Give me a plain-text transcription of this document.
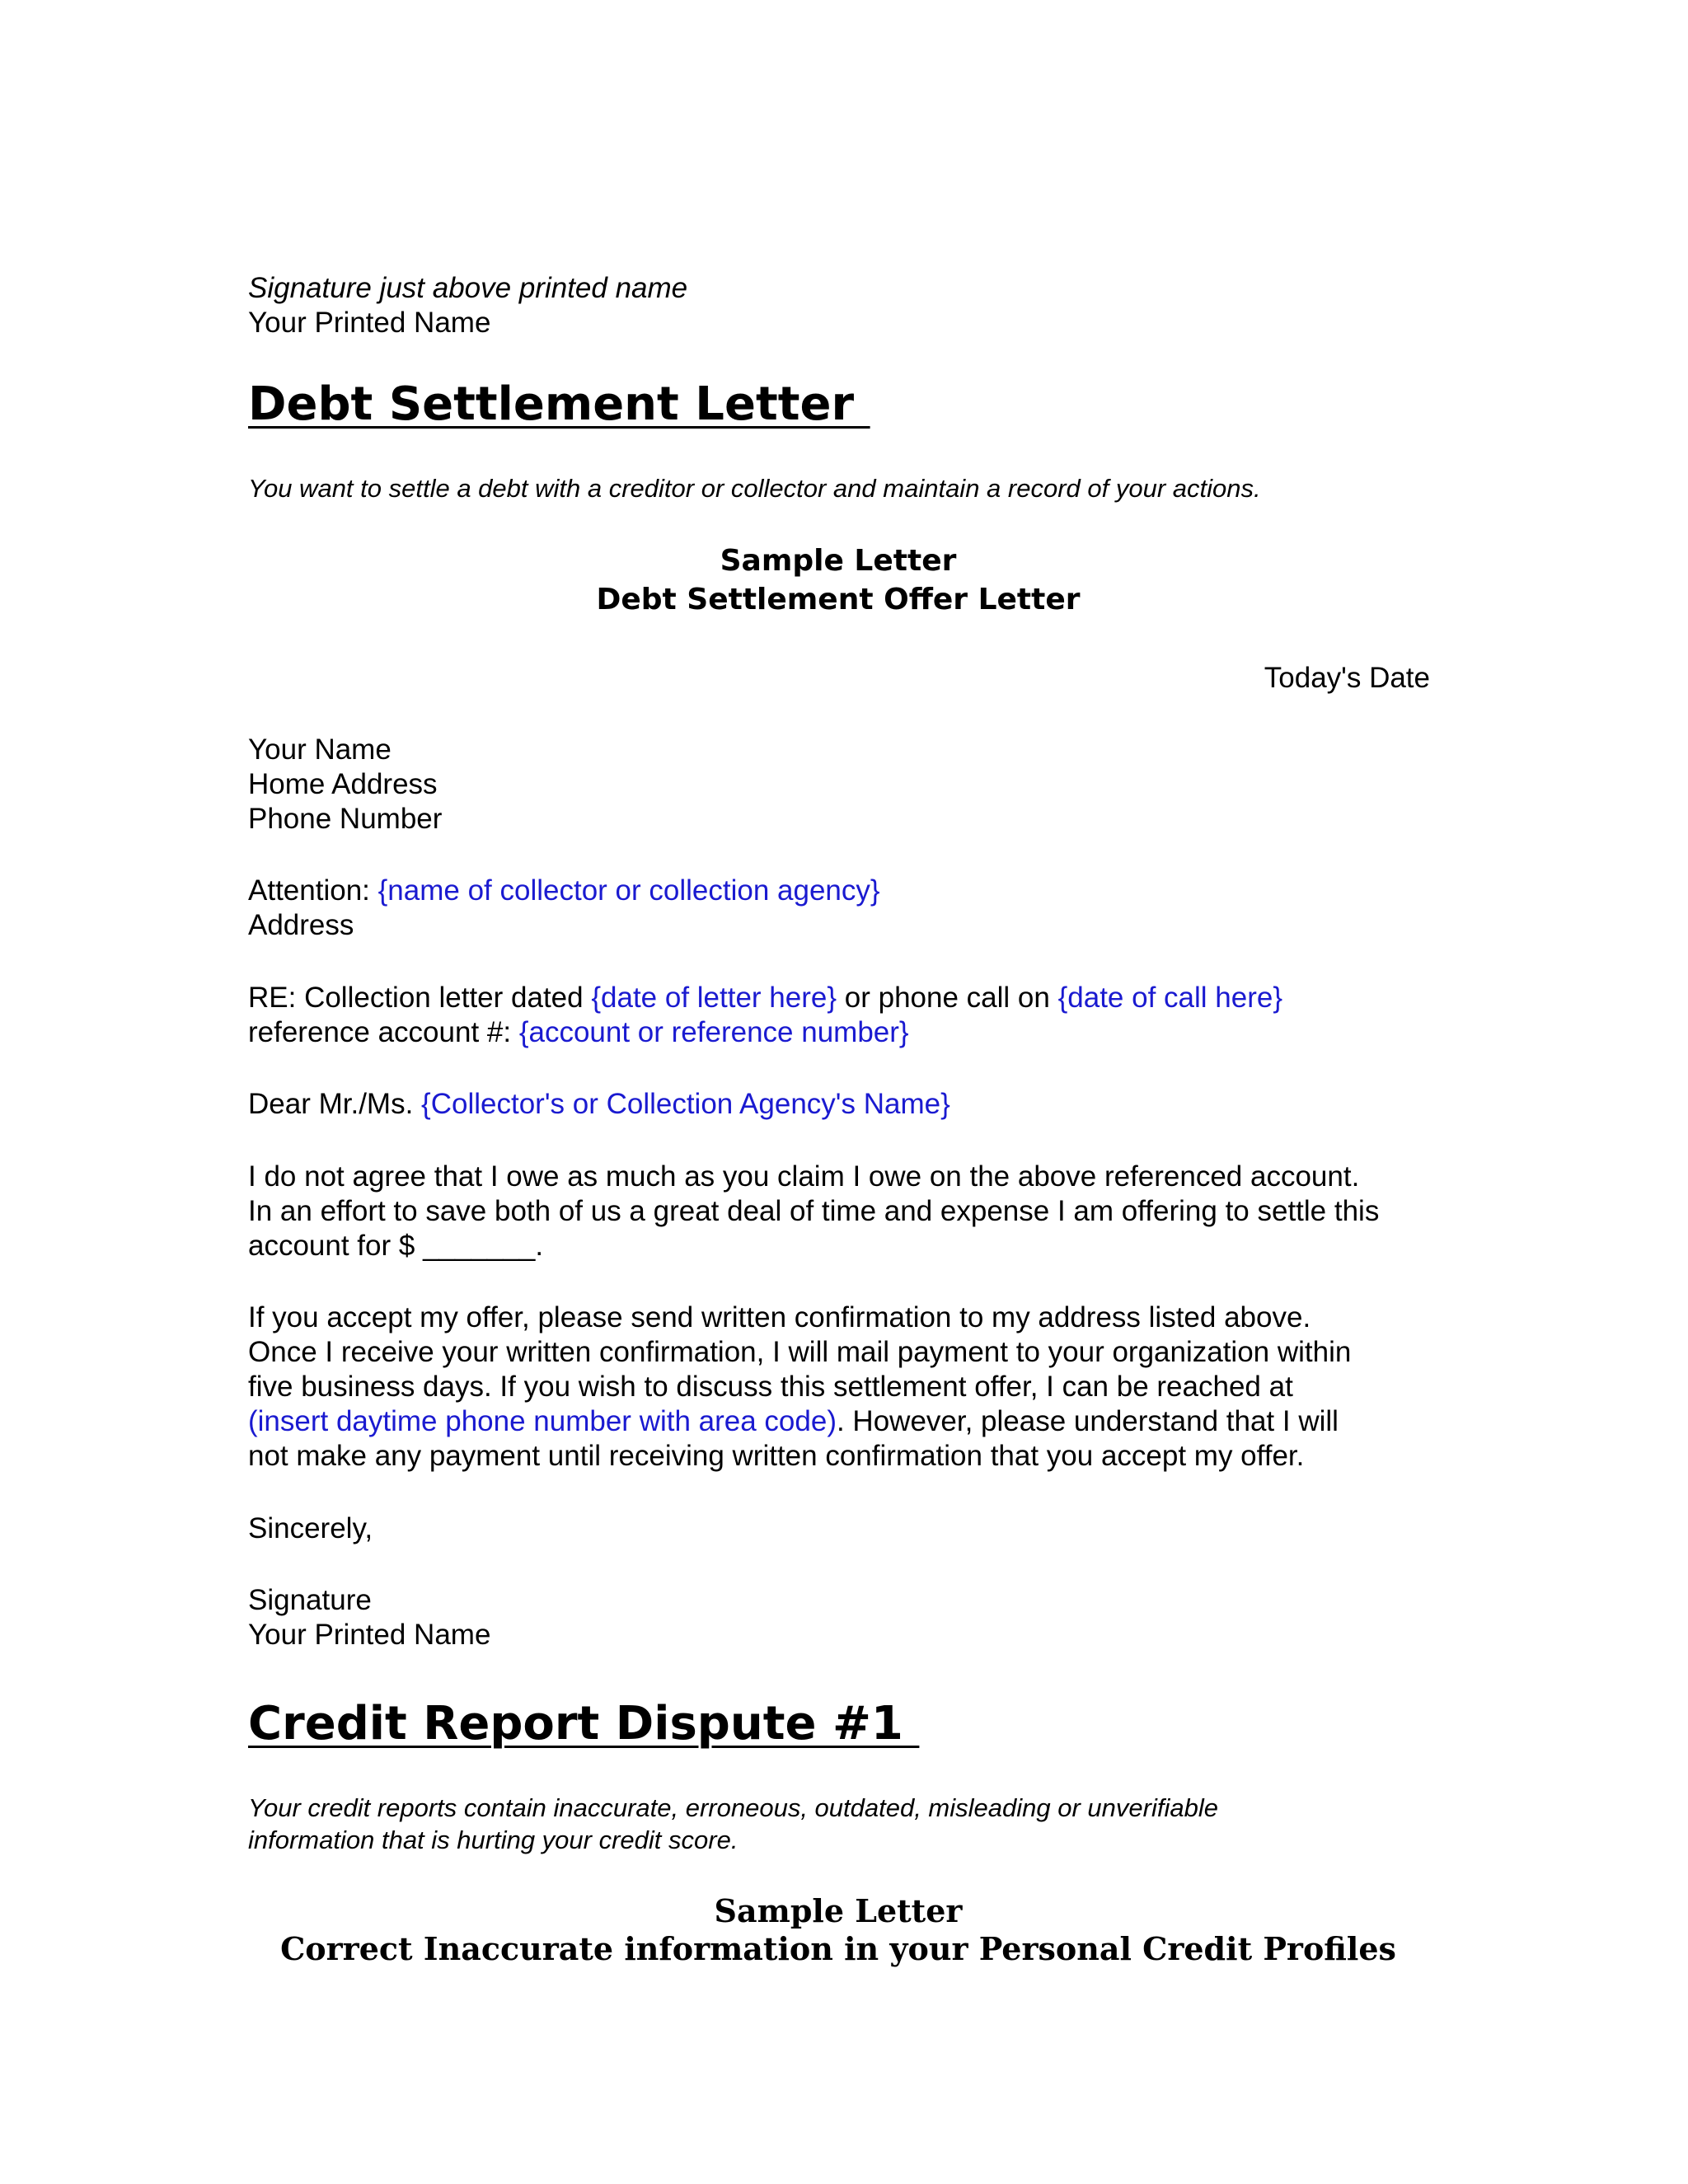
Signature just above printed name
Your Printed Name
Debt Settlement Letter
You want to settle a debt with a creditor or collector and maintain a record of your actions.
Sample Letter
Debt Settlement Offer Letter
Today's Date
Your Name
Home Address
Phone Number
Attention: {name of collector or collection agency}
Address
RE: Collection letter dated {date of letter here} or phone call on {date of call here}
reference account #: {account or reference number}
Dear Mr./Ms. {Collector's or Collection Agency's Name}
I do not agree that I owe as much as you claim I owe on the above referenced account.
In an effort to save both of us a great deal of time and expense I am offering to settle this
account for $ _______.
If you accept my offer, please send written confirmation to my address listed above.
Once I receive your written confirmation, I will mail payment to your organization within
five business days. If you wish to discuss this settlement offer, I can be reached at
(insert daytime phone number with area code). However, please understand that I will
not make any payment until receiving written confirmation that you accept my offer.
Sincerely,
Signature
Your Printed Name
Credit Report Dispute #1
Your credit reports contain inaccurate, erroneous, outdated, misleading or unverifiable
information that is hurting your credit score.
Sample Letter
Correct Inaccurate information in your Personal Credit Profiles
